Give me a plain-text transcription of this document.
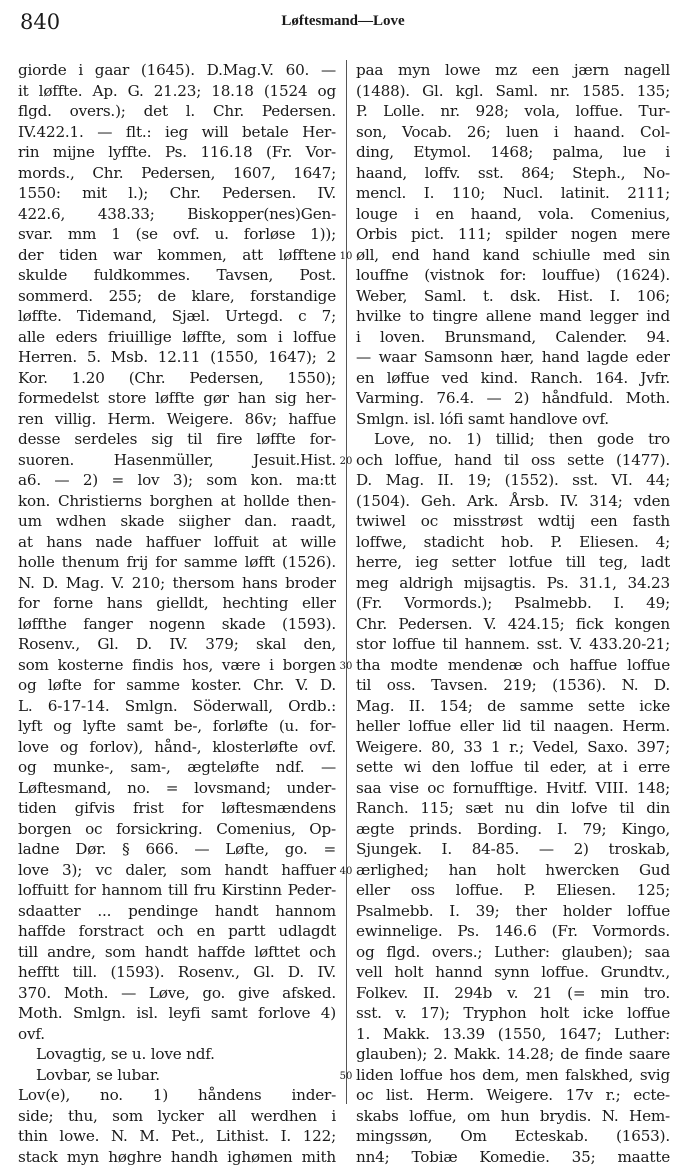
840	Løftesmand—Love
giorde i gaar (1645). D.Mag.V. 60. —
it løffte. Ap. G. 21.23; 18.18 (1524 og
flgd. overs.); det l. Chr. Pedersen.
IV.422.1. — flt.: ieg will betale Her-
rin mijne lyffte. Ps. 116.18 (Fr. Vor-
mords., Chr. Pedersen, 1607, 1647;
1550: mit l.); Chr. Pedersen. IV.
422.6, 438.33; Biskopper(nes)Gen-
svar. mm 1 (se ovf. u. forløse 1));
der tiden war kommen, att løfftene
skulde fuldkommes. Tavsen, Post.
sommerd. 255; de klare, forstandige
løffte. Tidemand, Sjæl. Urtegd. c 7;
alle eders friuillige løffte, som i loffue
Herren. 5. Msb. 12.11 (1550, 1647); 2
Kor. 1.20 (Chr. Pedersen, 1550);
formedelst store løffte gør han sig her-
ren villig. Herm. Weigere. 86v; haffue
desse serdeles sig til fire løffte for-
suoren. Hasenmüller, Jesuit.Hist.
a6. — 2) = lov 3); som kon. ma:tt
kon. Christierns borghen at hollde then-
um wdhen skade siigher dan. raadt,
at hans nade haffuer loffuit at wille
holle thenum frij for samme løfft (1526).
N. D. Mag. V. 210; thersom hans broder
for forne hans gielldt, hechting eller
løffthe fanger nogenn skade (1593).
Rosenv., Gl. D. IV. 379; skal den,
som kosterne findis hos, være i borgen
og løfte for samme koster. Chr. V. D.
L. 6-17-14. Smlgn. Söderwall, Ordb.:
lyft og lyfte samt be-, forløfte (u. for-
love og forlov), hånd-, klosterløfte ovf.
og munke-, sam-, ægteløfte ndf. —
Løftesmand, no. = lovsmand; under-
tiden gifvis frist for løftesmændens
borgen oc forsickring. Comenius, Op-
ladne Dør. § 666. — Løfte, go. =
love 3); vc daler, som handt haffuer
loffuitt for hannom till fru Kirstinn Peder-
sdaatter ... pendinge handt hannom
haffde forstract och en partt udlagdt
till andre, som handt haffde løfttet och
hefftt till. (1593). Rosenv., Gl. D. IV.
370. Moth. — Løve, go. give afsked.
Moth. Smlgn. isl. leyfi samt forlove 4)
ovf.
Lovagtig, se u. love ndf.
Lovbar, se lubar.
Lov(e), no. 1) håndens inder-
side; thu, som lycker all werdhen i
thin lowe. N. M. Pet., Lithist. I. 122;
stack myn høghre handh ighømen mith
10
20
30
40
50
paa myn lowe mz een jærn nagell
(1488). Gl. kgl. Saml. nr. 1585. 135;
P. Lolle. nr. 928; vola, loffue. Tur-
son, Vocab. 26; luen i haand. Col-
ding, Etymol. 1468; palma, lue i
haand, loffv. sst. 864; Steph., No-
mencl. I. 110; Nucl. latinit. 2111;
louge i en haand, vola. Comenius,
Orbis pict. 111; spilder nogen mere
øll, end hand kand schiulle med sin
louffne (vistnok for: louffue) (1624).
Weber, Saml. t. dsk. Hist. I. 106;
hvilke to tingre allene mand legger ind
i loven. Brunsmand, Calender. 94.
— waar Samsonn hær, hand lagde eder
en løffue ved kind. Ranch. 164. Jvfr.
Varming. 76.4. — 2) håndfuld. Moth.
Smlgn. isl. lófi samt handlove ovf.
Love, no. 1) tillid; then gode tro
och loffue, hand til oss sette (1477).
D. Mag. II. 19; (1552). sst. VI. 44;
(1504). Geh. Ark. Årsb. IV. 314; vden
twiwel oc misstrøst wdtij een fasth
loffwe, stadicht hob. P. Eliesen. 4;
herre, ieg setter lotfue till teg, ladt
meg aldrigh mijsagtis. Ps. 31.1, 34.23
(Fr. Vormords.); Psalmebb. I. 49;
Chr. Pedersen. V. 424.15; fick kongen
stor loffue til hannem. sst. V. 433.20-21;
tha modte mendenæ och haffue loffue
til oss. Tavsen. 219; (1536). N. D.
Mag. II. 154; de samme sette icke
heller loffue eller lid til naagen. Herm.
Weigere. 80, 33 1 r.; Vedel, Saxo. 397;
sette wi den loffue til eder, at i erre
saa vise oc fornufftige. Hvitf. VIII. 148;
Ranch. 115; sæt nu din lofve til din
ægte prinds. Bording. I. 79; Kingo,
Sjungek. I. 84-85. — 2) troskab,
ærlighed; han holt hwercken Gud
eller oss loffue. P. Eliesen. 125;
Psalmebb. I. 39; ther holder loffue
ewinnelige. Ps. 146.6 (Fr. Vormords.
og flgd. overs.; Luther: glauben); saa
vell holt hannd synn loffue. Grundtv.,
Folkev. II. 294b v. 21 (= min tro.
sst. v. 17); Tryphon holt icke loffue
1. Makk. 13.39 (1550, 1647; Luther:
glauben); 2. Makk. 14.28; de finde saare
liden loffue hos dem, men falskhed, svig
oc list. Herm. Weigere. 17v r.; ecte-
skabs loffue, om hun brydis. N. Hem-
mingssøn, Om Ecteskab. (1653).
nn4; Tobiæ Komedie. 35; maatte
